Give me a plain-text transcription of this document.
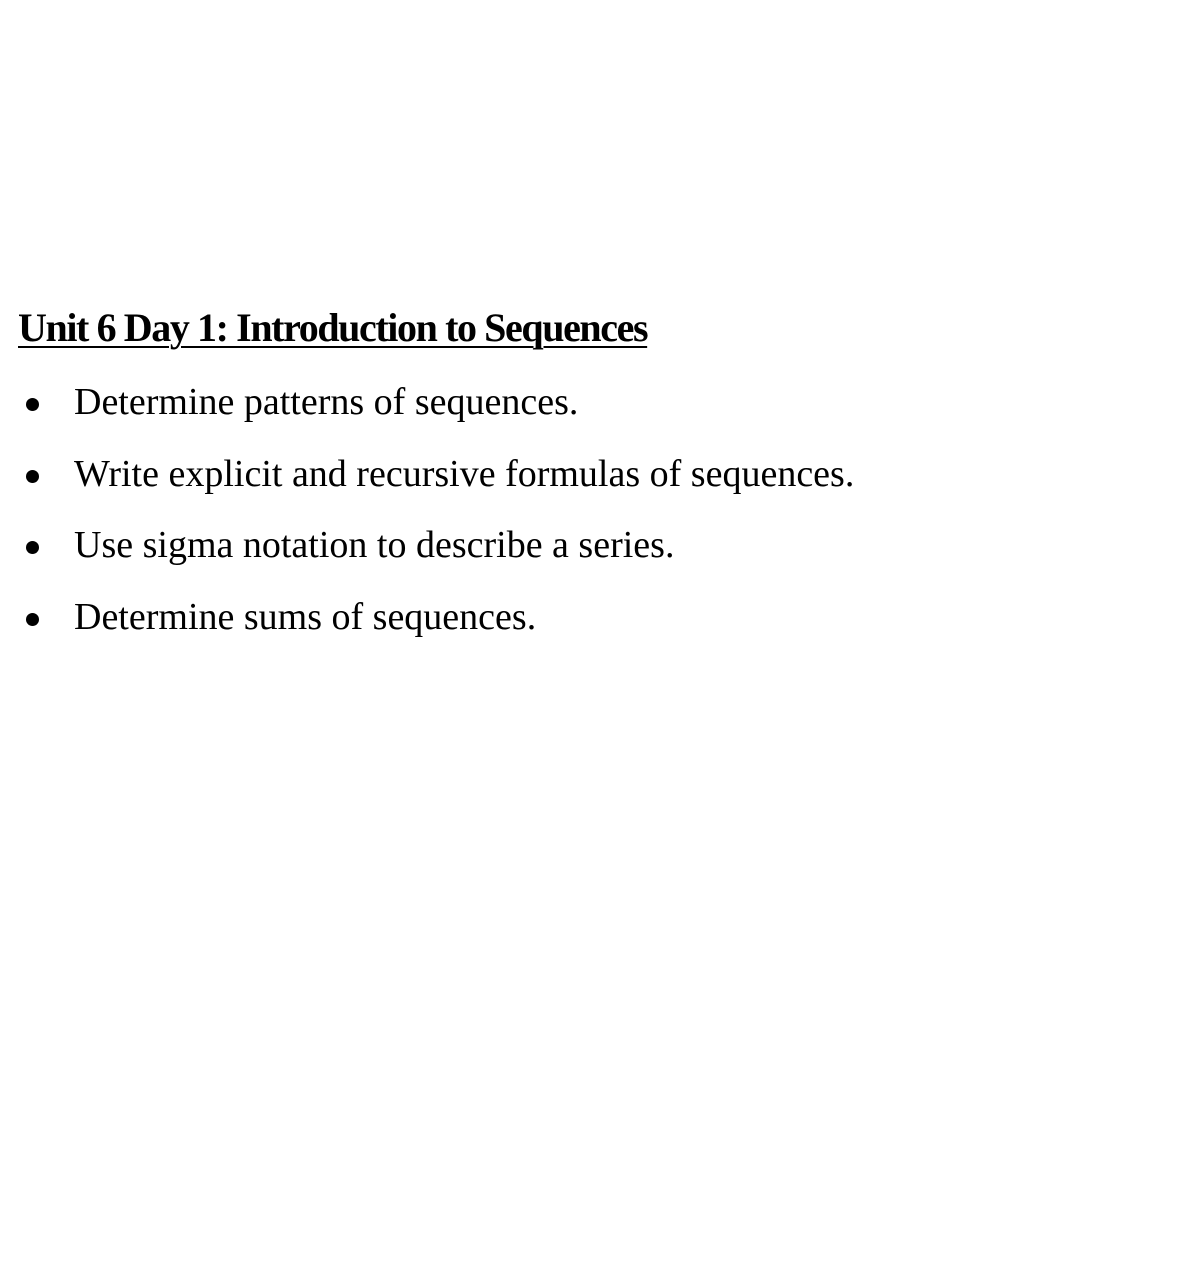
Unit 6 Day 1: Introduction to Sequences
Determine patterns of sequences.
Write explicit and recursive formulas of sequences.
Use sigma notation to describe a series.
Determine sums of sequences.
